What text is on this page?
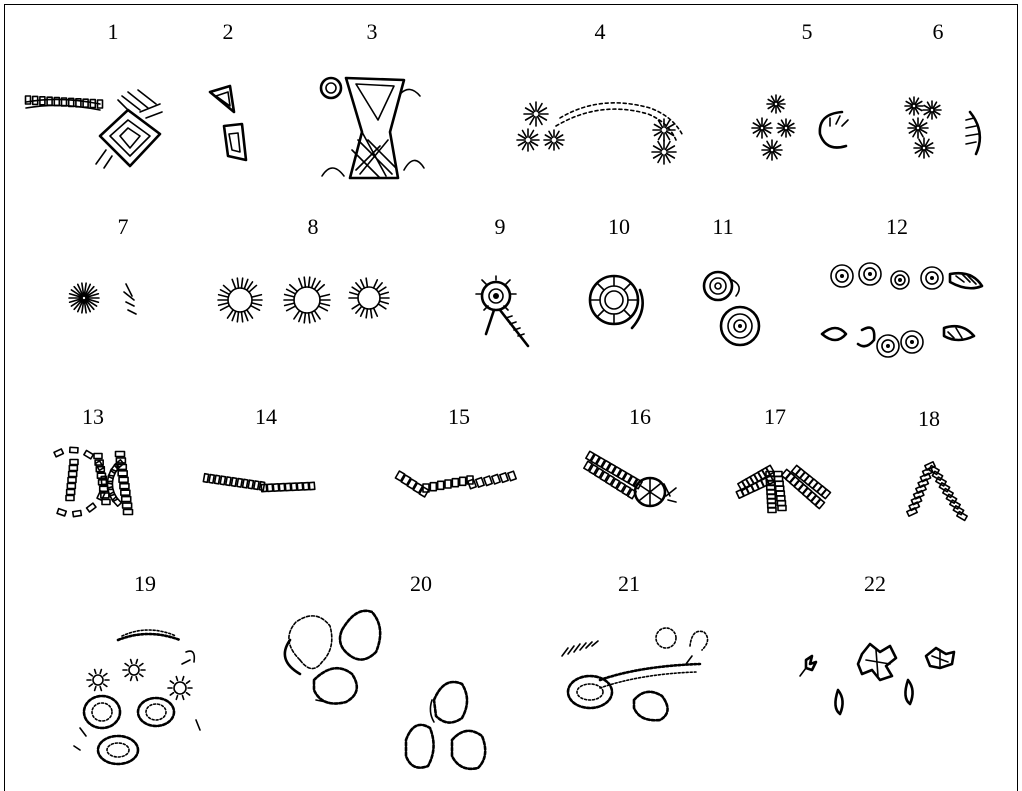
1	2	3	4	5	6
7	8	9	10	11	12
13	14	15	16	17	18
19	20	21	22
